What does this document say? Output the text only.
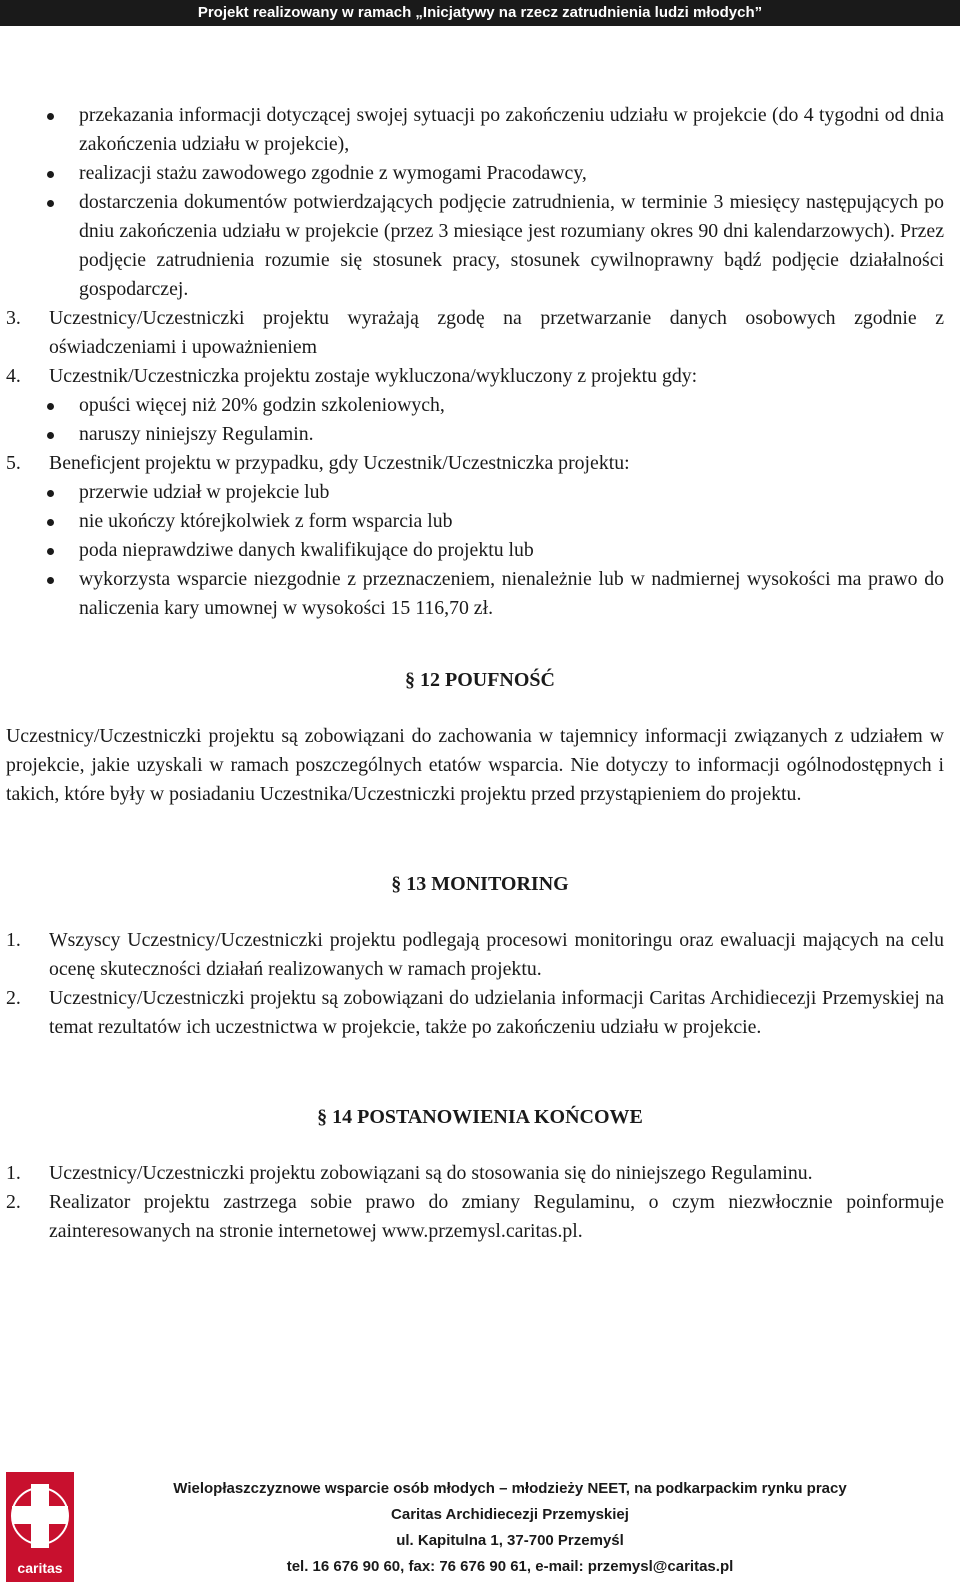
Projekt realizowany w ramach „Inicjatywy na rzecz zatrudnienia ludzi młodych”
przekazania informacji dotyczącej swojej sytuacji po zakończeniu udziału w projekcie (do 4 tygodni od dnia zakończenia udziału w projekcie),
realizacji stażu zawodowego zgodnie z wymogami Pracodawcy,
dostarczenia dokumentów potwierdzających podjęcie zatrudnienia, w terminie 3 miesięcy następujących po dniu zakończenia udziału w projekcie (przez 3 miesiące jest rozumiany okres 90 dni kalendarzowych). Przez podjęcie zatrudnienia rozumie się stosunek pracy, stosunek cywilnoprawny bądź podjęcie działalności gospodarczej.
3. Uczestnicy/Uczestniczki projektu wyrażają zgodę na przetwarzanie danych osobowych zgodnie z oświadczeniami i upoważnieniem
4. Uczestnik/Uczestniczka projektu zostaje wykluczona/wykluczony z projektu gdy:
opuści więcej niż 20% godzin szkoleniowych,
naruszy niniejszy Regulamin.
5. Beneficjent projektu w przypadku, gdy Uczestnik/Uczestniczka projektu:
przerwie udział w projekcie lub
nie ukończy którejkolwiek z form wsparcia lub
poda nieprawdziwe danych kwalifikujące do projektu lub
wykorzysta wsparcie niezgodnie z przeznaczeniem, nienależnie lub w nadmiernej wysokości ma prawo do naliczenia kary umownej w wysokości 15 116,70 zł.
§ 12 POUFNOŚĆ
Uczestnicy/Uczestniczki projektu są zobowiązani do zachowania w tajemnicy informacji związanych z udziałem w projekcie, jakie uzyskali w ramach poszczególnych etatów wsparcia. Nie dotyczy to informacji ogólnodostępnych i takich, które były w posiadaniu Uczestnika/Uczestniczki projektu przed przystąpieniem do projektu.
§ 13 MONITORING
1. Wszyscy Uczestnicy/Uczestniczki projektu podlegają procesowi monitoringu oraz ewaluacji mających na celu ocenę skuteczności działań realizowanych w ramach projektu.
2. Uczestnicy/Uczestniczki projektu są zobowiązani do udzielania informacji Caritas Archidiecezji Przemyskiej na temat rezultatów ich uczestnictwa w projekcie, także po zakończeniu udziału w projekcie.
§ 14 POSTANOWIENIA KOŃCOWE
1. Uczestnicy/Uczestniczki projektu zobowiązani są do stosowania się do niniejszego Regulaminu.
2. Realizator projektu zastrzega sobie prawo do zmiany Regulaminu, o czym niezwłocznie poinformuje zainteresowanych na stronie internetowej www.przemysl.caritas.pl.
caritas
Wielopłaszczyznowe wsparcie osób młodych – młodzieży NEET, na podkarpackim rynku pracy
Caritas Archidiecezji Przemyskiej
ul. Kapitulna 1, 37-700 Przemyśl
tel. 16 676 90 60, fax: 76 676 90 61, e-mail: przemysl@caritas.pl
